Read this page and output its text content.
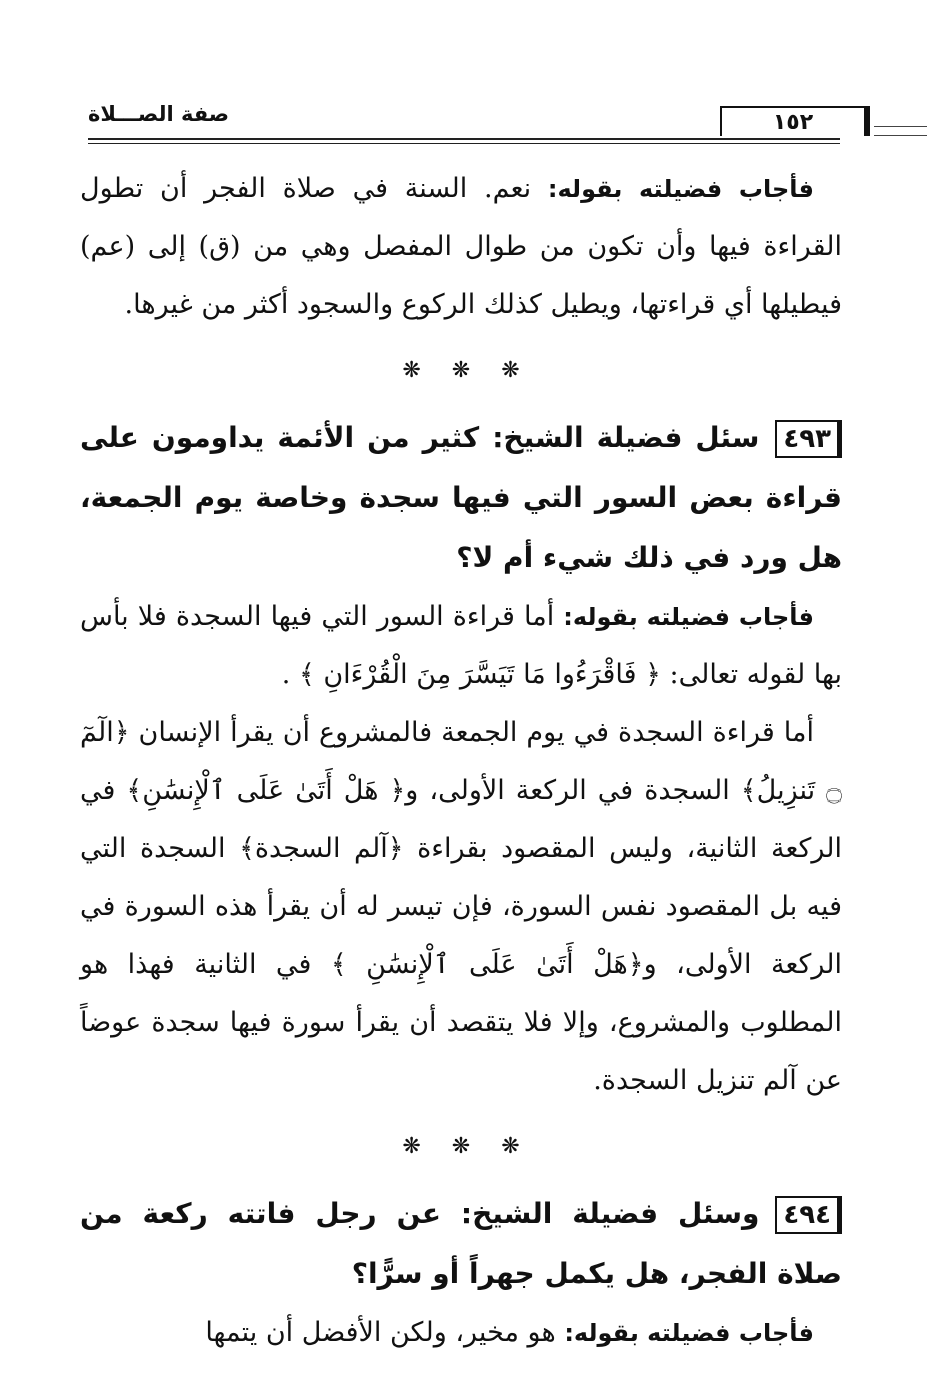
صفة الصـــلاة	١٥٢

فأجاب فضيلته بقوله: نعم. السنة في صلاة الفجر أن تطول القراءة فيها وأن تكون من طوال المفصل وهي من (ق) إلى (عم) فيطيلها أي قراءتها، ويطيل كذلك الركوع والسجود أكثر من غيرها.

❋ ❋ ❋

٤٩٣سئل فضيلة الشيخ: كثير من الأئمة يداومون على قراءة بعض السور التي فيها سجدة وخاصة يوم الجمعة، هل ورد في ذلك شيء أم لا؟

فأجاب فضيلته بقوله: أما قراءة السور التي فيها السجدة فلا بأس بها لقوله تعالى: ﴿ فَاقْرَءُوا مَا تَيَسَّرَ مِنَ الْقُرْءَانِ ﴾ .

أما قراءة السجدة في يوم الجمعة فالمشروع أن يقرأ الإنسان ﴿الٓمٓ ۝ تَنزِيلُ﴾ السجدة في الركعة الأولى، و﴿ هَلْ أَتَىٰ عَلَى ٱلْإِنسَٰنِ﴾ في الركعة الثانية، وليس المقصود بقراءة ﴿آلم السجدة﴾ السجدة التي فيه بل المقصود نفس السورة، فإن تيسر له أن يقرأ هذه السورة في الركعة الأولى، و﴿هَلْ أَتَىٰ عَلَى ٱلْإِنسَٰنِ ﴾ في الثانية فهذا هو المطلوب والمشروع، وإلا فلا يتقصد أن يقرأ سورة فيها سجدة عوضاً عن آلم تنزيل السجدة.

❋ ❋ ❋

٤٩٤وسئل فضيلة الشيخ: عن رجل فاتته ركعة من صلاة الفجر، هل يكمل جهراً أو سرًّا؟

فأجاب فضيلته بقوله: هو مخير، ولكن الأفضل أن يتمها
